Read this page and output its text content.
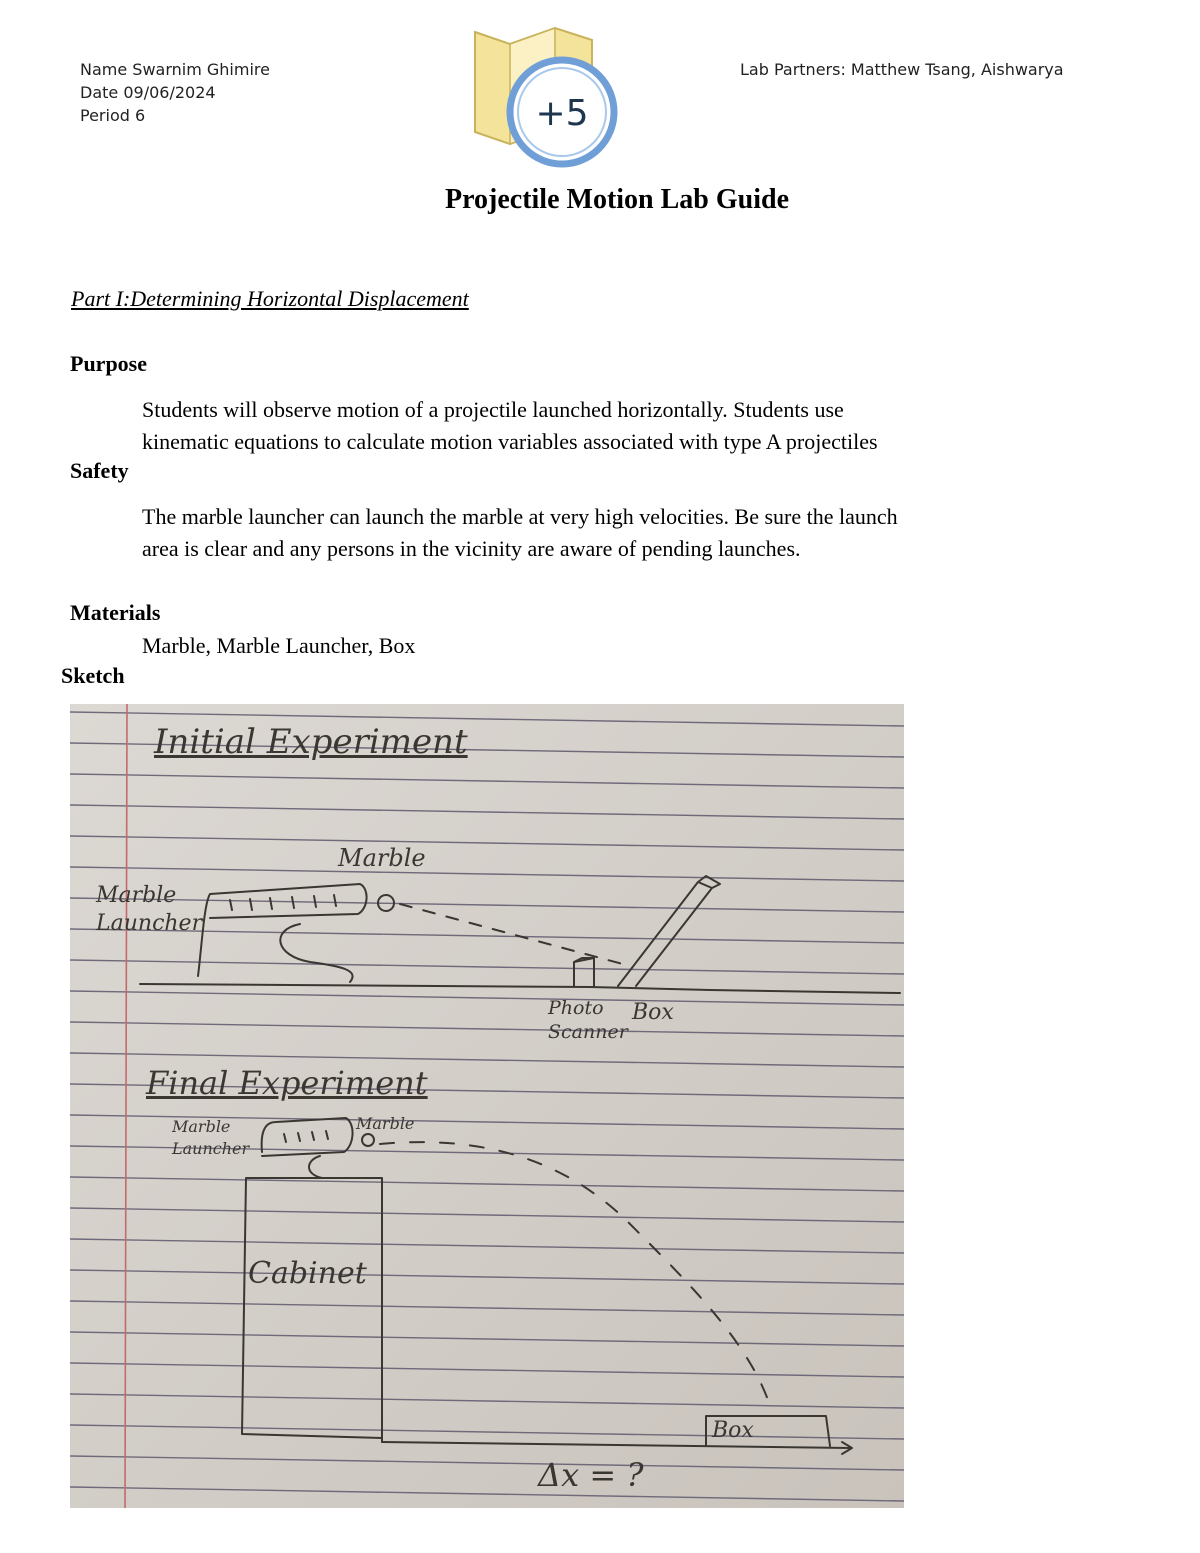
Name Swarnim Ghimire
Date 09/06/2024
Period 6
Lab Partners: Matthew Tsang, Aishwarya
+5
Projectile Motion Lab Guide
Part I:Determining Horizontal Displacement
Purpose
Students will observe motion of a projectile launched horizontally. Students use
kinematic equations to calculate motion variables associated with type A projectiles
Safety
The marble launcher can launch the marble at very high velocities. Be sure the launch
area is clear and any persons in the vicinity are aware of pending launches.
Materials
Marble, Marble Launcher, Box
Sketch
Initial Experiment
Marble
Marble
Launcher
Photo
Scanner
Box
Final Experiment
Marble
Launcher
Marble
Cabinet
Box
Δx = ?
